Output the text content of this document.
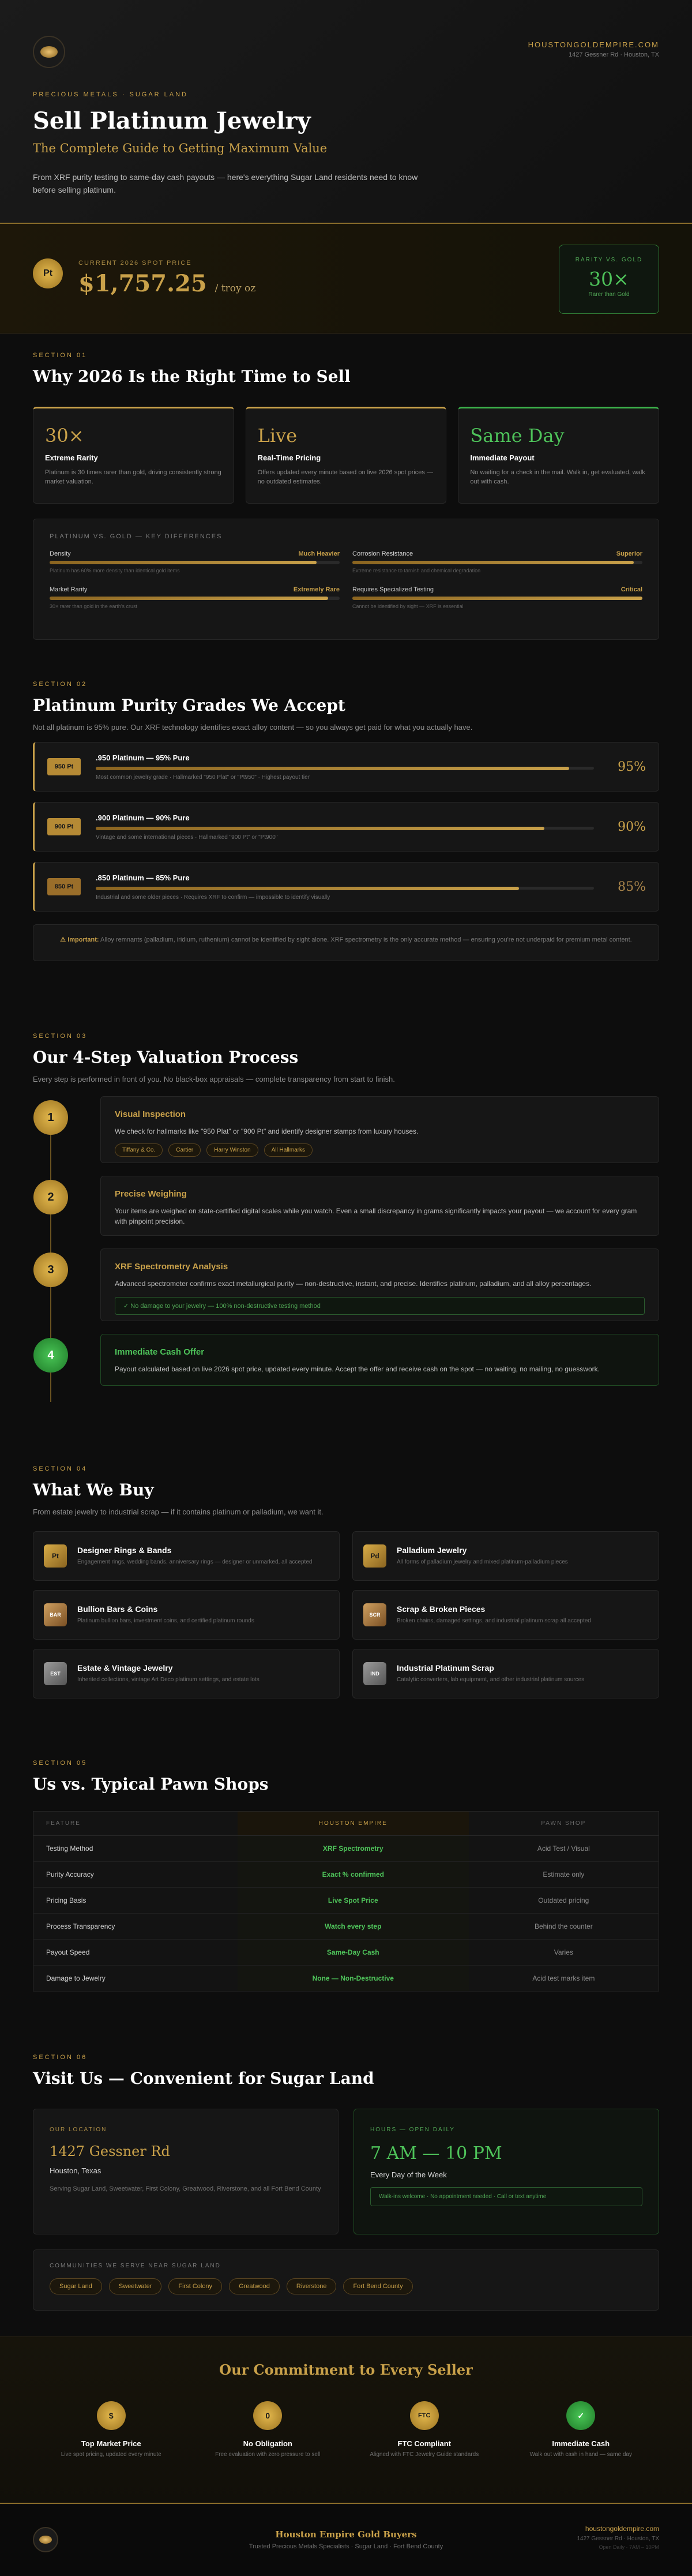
HOUSTONGOLDEMPIRE.COM
1427 Gessner Rd · Houston, TX
PRECIOUS METALS · SUGAR LAND
Sell Platinum Jewelry
The Complete Guide to Getting Maximum Value

From XRF purity testing to same-day cash payouts — here's everything Sugar Land residents need to know before selling platinum.

Pt
CURRENT 2026 SPOT PRICE
$1,757.25 / troy oz
RARITY VS. GOLD
30×
Rarer than Gold
SECTION 01
Why 2026 Is the Right Time to Sell
30×
Extreme Rarity

Platinum is 30 times rarer than gold, driving consistently strong market valuation.

Live
Real-Time Pricing

Offers updated every minute based on live 2026 spot prices — no outdated estimates.

Same Day
Immediate Payout

No waiting for a check in the mail. Walk in, get evaluated, walk out with cash.

PLATINUM VS. GOLD — KEY DIFFERENCES
Density	Much Heavier
Platinum has 60% more density than identical gold items
Corrosion Resistance	Superior
Extreme resistance to tarnish and chemical degradation
Market Rarity	Extremely Rare
30× rarer than gold in the earth's crust
Requires Specialized Testing	Critical
Cannot be identified by sight — XRF is essential
SECTION 02
Platinum Purity Grades We Accept
Not all platinum is 95% pure. Our XRF technology identifies exact alloy content — so you always get paid for what you actually have.
950 Pt
.950 Platinum — 95% Pure

Most common jewelry grade · Hallmarked "950 Plat" or "Pt950" · Highest payout tier

95%
900 Pt
.900 Platinum — 90% Pure

Vintage and some international pieces · Hallmarked "900 Pt" or "Pt900"

90%
850 Pt
.850 Platinum — 85% Pure

Industrial and some older pieces · Requires XRF to confirm — impossible to identify visually

85%
⚠ Important: Alloy remnants (palladium, iridium, ruthenium) cannot be identified by sight alone. XRF spectrometry is the only accurate method — ensuring you're not underpaid for premium metal content.
SECTION 03
Our 4-Step Valuation Process
Every step is performed in front of you. No black-box appraisals — complete transparency from start to finish.
1	Visual Inspection

We check for hallmarks like "950 Plat" or "900 Pt" and identify designer stamps from luxury houses.

Tiffany & Co.	Cartier	Harry Winston	All Hallmarks
2	Precise Weighing

Your items are weighed on state-certified digital scales while you watch. Even a small discrepancy in grams significantly impacts your payout — we account for every gram with pinpoint precision.

3	XRF Spectrometry Analysis

Advanced spectrometer confirms exact metallurgical purity — non-destructive, instant, and precise. Identifies platinum, palladium, and all alloy percentages.

✓ No damage to your jewelry — 100% non-destructive testing method
4	Immediate Cash Offer

Payout calculated based on live 2026 spot price, updated every minute. Accept the offer and receive cash on the spot — no waiting, no mailing, no guesswork.

SECTION 04
What We Buy
From estate jewelry to industrial scrap — if it contains platinum or palladium, we want it.
Pt
Designer Rings & Bands

Engagement rings, wedding bands, anniversary rings — designer or unmarked, all accepted

Pd
Palladium Jewelry

All forms of palladium jewelry and mixed platinum-palladium pieces

BAR
Bullion Bars & Coins

Platinum bullion bars, investment coins, and certified platinum rounds

SCR
Scrap & Broken Pieces

Broken chains, damaged settings, and industrial platinum scrap all accepted

EST
Estate & Vintage Jewelry

Inherited collections, vintage Art Deco platinum settings, and estate lots

IND
Industrial Platinum Scrap

Catalytic converters, lab equipment, and other industrial platinum sources

SECTION 05
Us vs. Typical Pawn Shops
FEATURE	HOUSTON EMPIRE	PAWN SHOP
Testing Method	XRF Spectrometry	Acid Test / Visual
Purity Accuracy	Exact % confirmed	Estimate only
Pricing Basis	Live Spot Price	Outdated pricing
Process Transparency	Watch every step	Behind the counter
Payout Speed	Same-Day Cash	Varies
Damage to Jewelry	None — Non-Destructive	Acid test marks item
SECTION 06
Visit Us — Convenient for Sugar Land
OUR LOCATION
1427 Gessner Rd
Houston, Texas
Serving Sugar Land, Sweetwater, First Colony, Greatwood, Riverstone, and all Fort Bend County
HOURS — OPEN DAILY
7 AM — 10 PM
Every Day of the Week
Walk-ins welcome · No appointment needed · Call or text anytime
COMMUNITIES WE SERVE NEAR SUGAR LAND
Sugar Land	Sweetwater	First Colony	Greatwood	Riverstone	Fort Bend County
Our Commitment to Every Seller
$
Top Market Price

Live spot pricing, updated every minute

0
No Obligation

Free evaluation with zero pressure to sell

FTC
FTC Compliant

Aligned with FTC Jewelry Guide standards

✓
Immediate Cash

Walk out with cash in hand — same day

Houston Empire Gold Buyers

Trusted Precious Metals Specialists · Sugar Land · Fort Bend County

houstongoldempire.com
1427 Gessner Rd · Houston, TX
Open Daily · 7AM – 10PM
